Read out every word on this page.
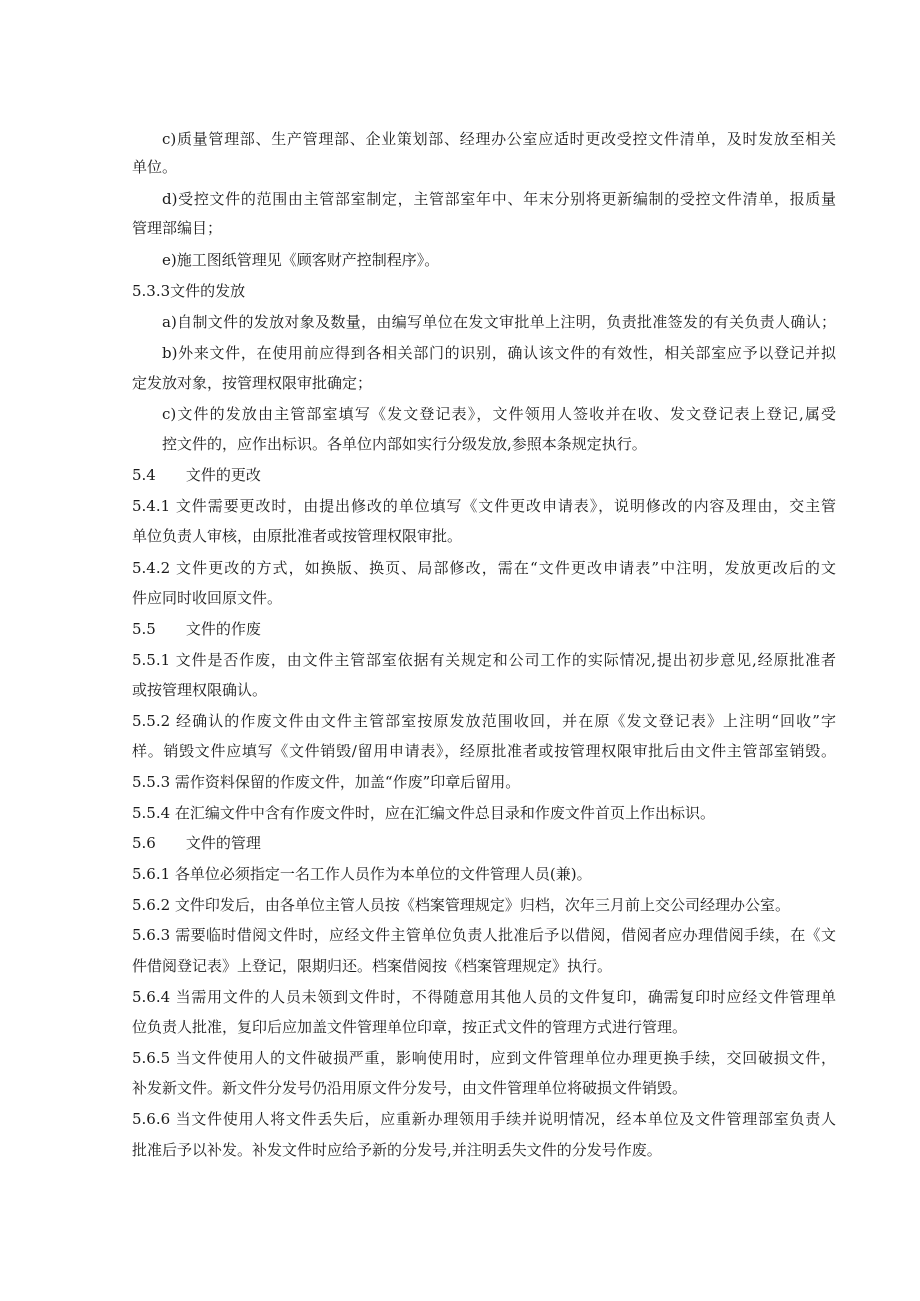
c)质量管理部、生产管理部、企业策划部、经理办公室应适时更改受控文件清单，及时发放至相关
单位。
d)受控文件的范围由主管部室制定，主管部室年中、年末分别将更新编制的受控文件清单，报质量
管理部编目；
e)施工图纸管理见《顾客财产控制程序》。
5.3.3文件的发放
a)自制文件的发放对象及数量，由编写单位在发文审批单上注明，负责批准签发的有关负责人确认；
b)外来文件，在使用前应得到各相关部门的识别，确认该文件的有效性，相关部室应予以登记并拟
定发放对象，按管理权限审批确定；
c)文件的发放由主管部室填写《发文登记表》，文件领用人签收并在收、发文登记表上登记,属受
控文件的，应作出标识。各单位内部如实行分级发放,参照本条规定执行。
5.4　　文件的更改
5.4.1 文件需要更改时，由提出修改的单位填写《文件更改申请表》，说明修改的内容及理由，交主管
单位负责人审核，由原批准者或按管理权限审批。
5.4.2 文件更改的方式，如换版、换页、局部修改，需在“文件更改申请表”中注明，发放更改后的文
件应同时收回原文件。
5.5　　文件的作废
5.5.1 文件是否作废，由文件主管部室依据有关规定和公司工作的实际情况,提出初步意见,经原批准者
或按管理权限确认。
5.5.2 经确认的作废文件由文件主管部室按原发放范围收回，并在原《发文登记表》上注明“回收”字
样。销毁文件应填写《文件销毁/留用申请表》，经原批准者或按管理权限审批后由文件主管部室销毁。
5.5.3 需作资料保留的作废文件，加盖“作废”印章后留用。
5.5.4 在汇编文件中含有作废文件时，应在汇编文件总目录和作废文件首页上作出标识。
5.6　　文件的管理
5.6.1 各单位必须指定一名工作人员作为本单位的文件管理人员(兼)。
5.6.2 文件印发后，由各单位主管人员按《档案管理规定》归档，次年三月前上交公司经理办公室。
5.6.3 需要临时借阅文件时，应经文件主管单位负责人批准后予以借阅，借阅者应办理借阅手续，在《文
件借阅登记表》上登记，限期归还。档案借阅按《档案管理规定》执行。
5.6.4 当需用文件的人员未领到文件时，不得随意用其他人员的文件复印，确需复印时应经文件管理单
位负责人批准，复印后应加盖文件管理单位印章，按正式文件的管理方式进行管理。
5.6.5 当文件使用人的文件破损严重，影响使用时，应到文件管理单位办理更换手续，交回破损文件，
补发新文件。新文件分发号仍沿用原文件分发号，由文件管理单位将破损文件销毁。
5.6.6 当文件使用人将文件丢失后，应重新办理领用手续并说明情况，经本单位及文件管理部室负责人
批准后予以补发。补发文件时应给予新的分发号,并注明丢失文件的分发号作废。
